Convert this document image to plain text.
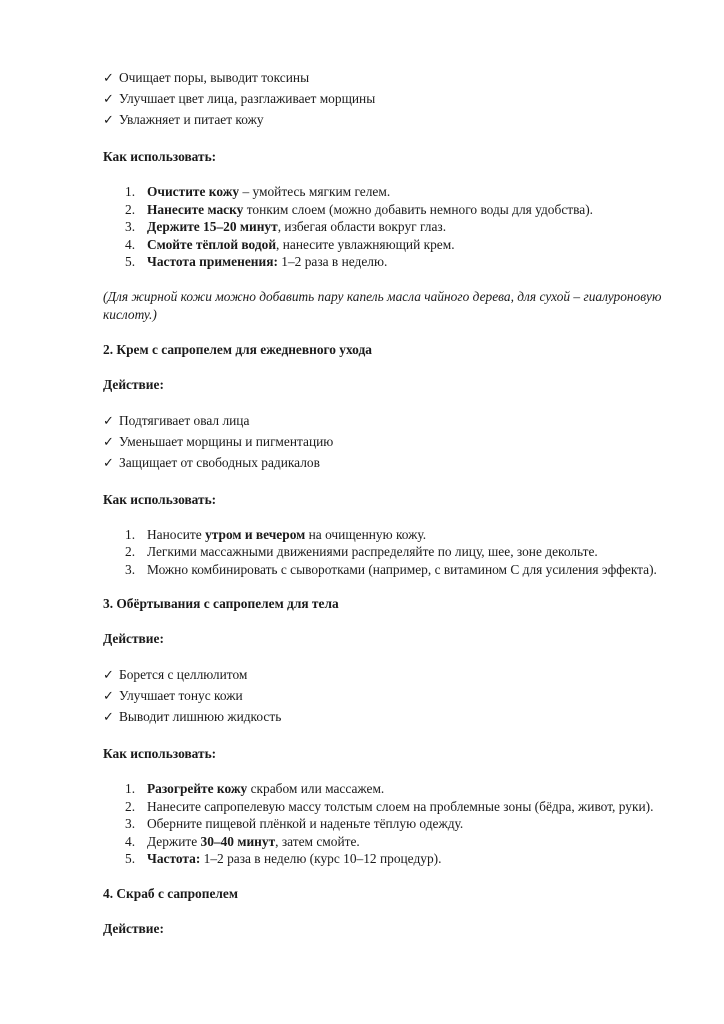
✓ Очищает поры, выводит токсины
✓ Улучшает цвет лица, разглаживает морщины
✓ Увлажняет и питает кожу

Как использовать:

1. Очистите кожу – умойтесь мягким гелем.
2. Нанесите маску тонким слоем (можно добавить немного воды для удобства).
3. Держите 15–20 минут, избегая области вокруг глаз.
4. Смойте тёплой водой, нанесите увлажняющий крем.
5. Частота применения: 1–2 раза в неделю.

(Для жирной кожи можно добавить пару капель масла чайного дерева, для сухой – гиалуроновую кислоту.)

2. Крем с сапропелем для ежедневного ухода

Действие:

✓ Подтягивает овал лица
✓ Уменьшает морщины и пигментацию
✓ Защищает от свободных радикалов

Как использовать:

1. Наносите утром и вечером на очищенную кожу.
2. Легкими массажными движениями распределяйте по лицу, шее, зоне декольте.
3. Можно комбинировать с сыворотками (например, с витамином С для усиления эффекта).

3. Обёртывания с сапропелем для тела

Действие:

✓ Борется с целлюлитом
✓ Улучшает тонус кожи
✓ Выводит лишнюю жидкость

Как использовать:

1. Разогрейте кожу скрабом или массажем.
2. Нанесите сапропелевую массу толстым слоем на проблемные зоны (бёдра, живот, руки).
3. Оберните пищевой плёнкой и наденьте тёплую одежду.
4. Держите 30–40 минут, затем смойте.
5. Частота: 1–2 раза в неделю (курс 10–12 процедур).

4. Скраб с сапропелем

Действие:
